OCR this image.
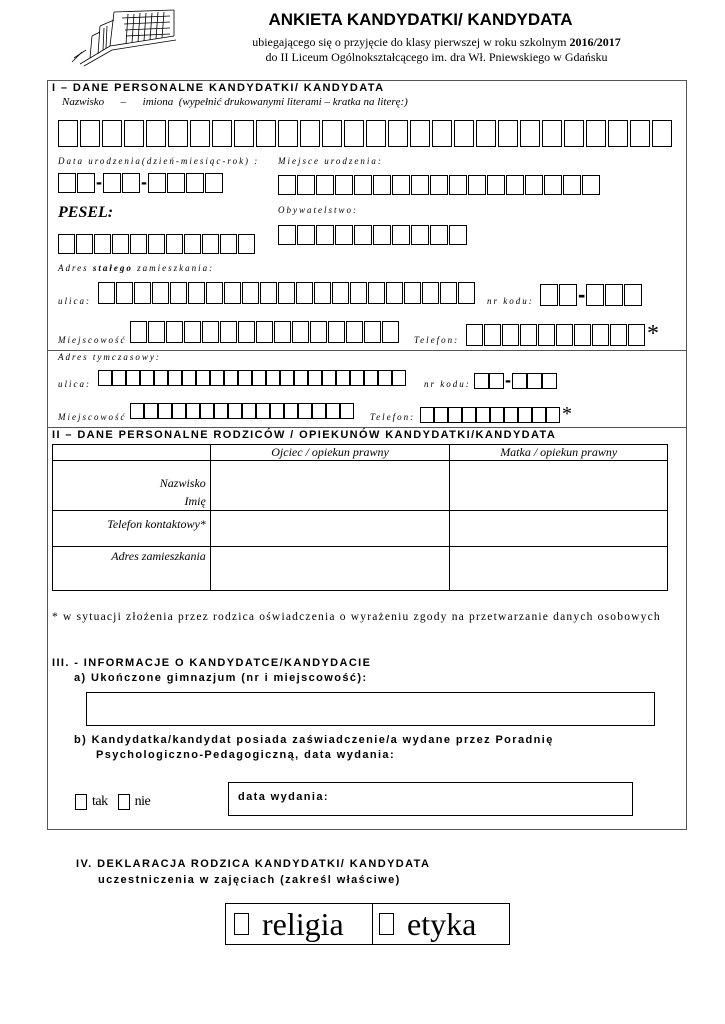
ANKIETA KANDYDATKI/ KANDYDATA
ubiegającego się o przyjęcie do klasy pierwszej w roku szkolnym 2016/2017
do II Liceum Ogólnokształcącego im. dra Wł. Pniewskiego w Gdańsku
I – DANE PERSONALNE KANDYDATKI/ KANDYDATA
Nazwisko      –      imiona  (wypełnić drukowanymi literami – kratka na literę:)
Data urodzenia(dzień-miesiąc-rok) : Miejsce urodzenia:
- -
PESEL:	Obywatelstwo:
Adres stałego zamieszkania:
ulica:	nr kodu: -
Miejscowość	Telefon:	*
Adres tymczasowy:
ulica:	nr kodu: -
Miejscowość	Telefon:	*
II – DANE PERSONALNE RODZICÓW / OPIEKUNÓW KANDYDATKI/KANDYDATA
	Ojciec / opiekun prawny	Matka / opiekun prawny

Nazwisko
Imię		

Telefon kontaktowy*		
Adres zamieszkania		
* w sytuacji złożenia przez rodzica oświadczenia o wyrażeniu zgody na przetwarzanie danych osobowych
III. - INFORMACJE O KANDYDATCE/KANDYDACIE
a) Ukończone gimnazjum (nr i miejscowość):
b) Kandydatka/kandydat posiada zaświadczenie/a wydane przez Poradnię
Psychologiczno-Pedagogiczną, data wydania:
tak nie	data wydania:
IV. DEKLARACJA RODZICA KANDYDATKI/ KANDYDATA
uczestniczenia w zajęciach (zakreśl właściwe)
religia etyka
